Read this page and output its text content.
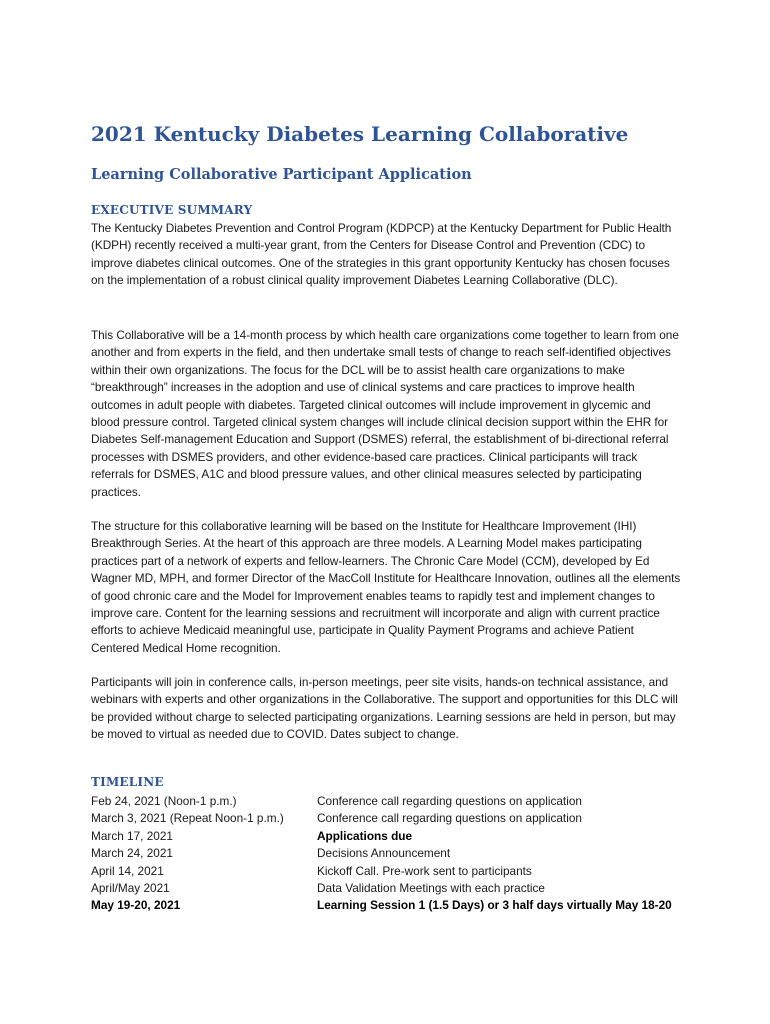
2021 Kentucky Diabetes Learning Collaborative
Learning Collaborative Participant Application
EXECUTIVE SUMMARY

The Kentucky Diabetes Prevention and Control Program (KDPCP) at the Kentucky Department for Public Health (KDPH) recently received a multi-year grant, from the Centers for Disease Control and Prevention (CDC) to improve diabetes clinical outcomes. One of the strategies in this grant opportunity Kentucky has chosen focuses on the implementation of a robust clinical quality improvement Diabetes Learning Collaborative (DLC).

This Collaborative will be a 14-month process by which health care organizations come together to learn from one another and from experts in the field, and then undertake small tests of change to reach self-identified objectives within their own organizations. The focus for the DCL will be to assist health care organizations to make “breakthrough” increases in the adoption and use of clinical systems and care practices to improve health outcomes in adult people with diabetes. Targeted clinical outcomes will include improvement in glycemic and blood pressure control. Targeted clinical system changes will include clinical decision support within the EHR for Diabetes Self-management Education and Support (DSMES) referral, the establishment of bi-directional referral processes with DSMES providers, and other evidence-based care practices. Clinical participants will track referrals for DSMES, A1C and blood pressure values, and other clinical measures selected by participating practices.

The structure for this collaborative learning will be based on the Institute for Healthcare Improvement (IHI) Breakthrough Series. At the heart of this approach are three models. A Learning Model makes participating practices part of a network of experts and fellow-learners. The Chronic Care Model (CCM), developed by Ed Wagner MD, MPH, and former Director of the MacColl Institute for Healthcare Innovation, outlines all the elements of good chronic care and the Model for Improvement enables teams to rapidly test and implement changes to improve care. Content for the learning sessions and recruitment will incorporate and align with current practice efforts to achieve Medicaid meaningful use, participate in Quality Payment Programs and achieve Patient Centered Medical Home recognition.

Participants will join in conference calls, in-person meetings, peer site visits, hands-on technical assistance, and webinars with experts and other organizations in the Collaborative. The support and opportunities for this DLC will be provided without charge to selected participating organizations. Learning sessions are held in person, but may be moved to virtual as needed due to COVID. Dates subject to change.

TIMELINE
Feb 24, 2021 (Noon-1 p.m.)	Conference call regarding questions on application
March 3, 2021 (Repeat Noon-1 p.m.)	Conference call regarding questions on application
March 17, 2021	Applications due
March 24, 2021	Decisions Announcement
April 14, 2021	Kickoff Call. Pre-work sent to participants
April/May 2021	Data Validation Meetings with each practice
May 19-20, 2021	Learning Session 1 (1.5 Days) or 3 half days virtually May 18-20
